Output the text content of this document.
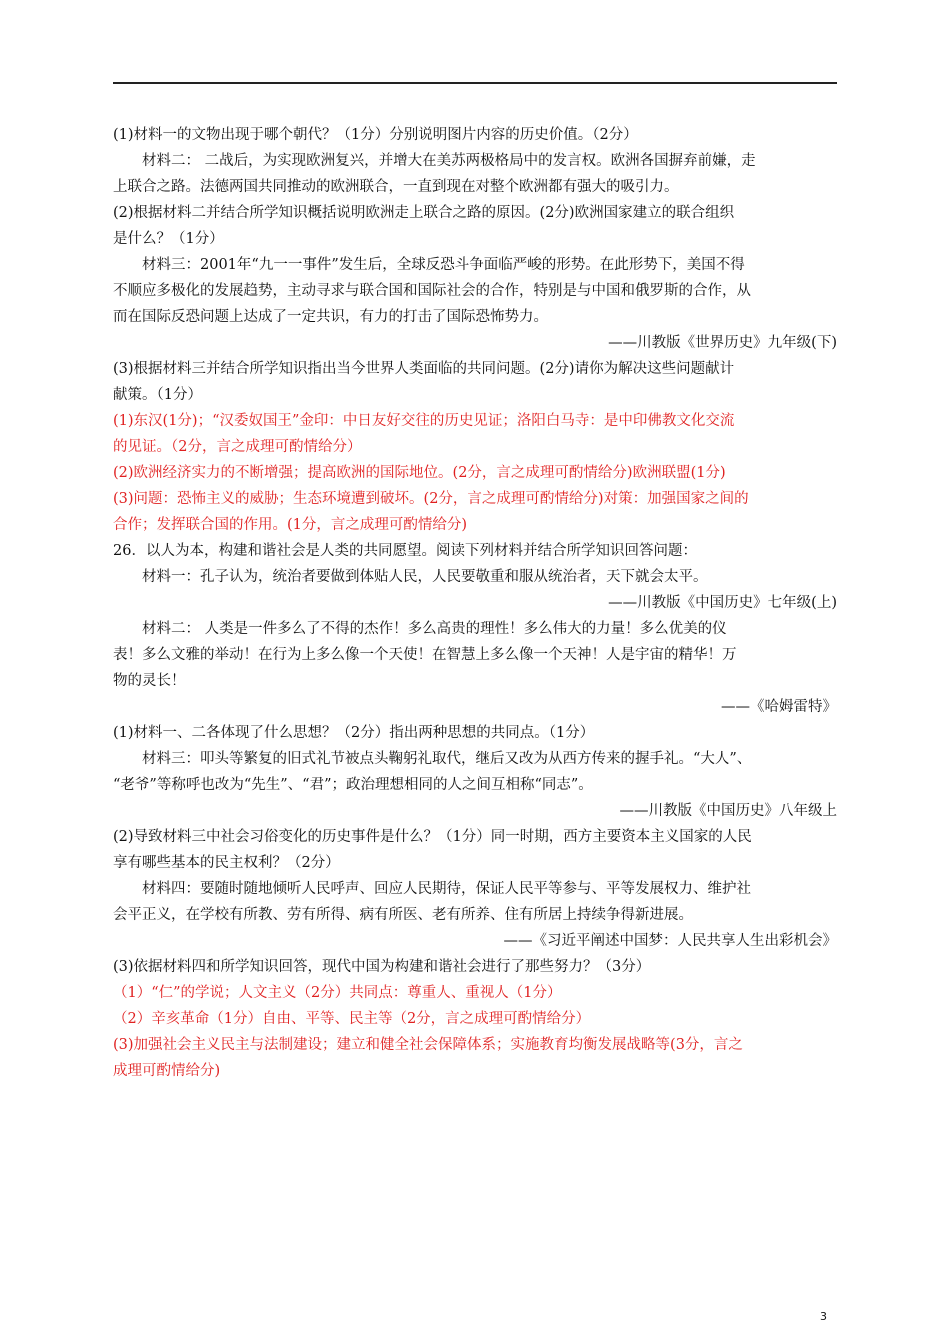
(1)材料一的文物出现于哪个朝代？（1分）分别说明图片内容的历史价值。（2分）
材料二： 二战后，为实现欧洲复兴，并增大在美苏两极格局中的发言权。欧洲各国摒弃前嫌，走
上联合之路。法德两国共同推动的欧洲联合，一直到现在对整个欧洲都有强大的吸引力。
(2)根据材料二并结合所学知识概括说明欧洲走上联合之路的原因。(2分)欧洲国家建立的联合组织
是什么？（1分）
材料三：2001年“九一一事件”发生后，全球反恐斗争面临严峻的形势。在此形势下，美国不得
不顺应多极化的发展趋势，主动寻求与联合国和国际社会的合作，特别是与中国和俄罗斯的合作，从
而在国际反恐问题上达成了一定共识，有力的打击了国际恐怖势力。
——川教版《世界历史》九年级(下)
(3)根据材料三并结合所学知识指出当今世界人类面临的共同问题。(2分)请你为解决这些问题献计
献策。（1分）
(1)东汉(1分)；“汉委奴国王”金印：中日友好交往的历史见证；洛阳白马寺：是中印佛教文化交流
的见证。（2分，言之成理可酌情给分）
(2)欧洲经济实力的不断增强；提高欧洲的国际地位。(2分，言之成理可酌情给分)欧洲联盟(1分)
(3)问题：恐怖主义的威胁；生态环境遭到破坏。(2分，言之成理可酌情给分)对策：加强国家之间的
合作；发挥联合国的作用。(1分，言之成理可酌情给分)
26．以人为本，构建和谐社会是人类的共同愿望。阅读下列材料并结合所学知识回答问题：
材料一：孔子认为，统治者要做到体贴人民，人民要敬重和服从统治者，天下就会太平。
——川教版《中国历史》七年级(上)
材料二： 人类是一件多么了不得的杰作！多么高贵的理性！多么伟大的力量！多么优美的仪
表！多么文雅的举动！在行为上多么像一个天使！在智慧上多么像一个天神！人是宇宙的精华！万
物的灵长！
——《哈姆雷特》
(1)材料一、二各体现了什么思想？（2分）指出两种思想的共同点。（1分）
材料三：叩头等繁复的旧式礼节被点头鞠躬礼取代，继后又改为从西方传来的握手礼。“大人”、
“老爷”等称呼也改为“先生”、“君”；政治理想相同的人之间互相称“同志”。
——川教版《中国历史》八年级上
(2)导致材料三中社会习俗变化的历史事件是什么？（1分）同一时期，西方主要资本主义国家的人民
享有哪些基本的民主权利？（2分）
材料四：要随时随地倾听人民呼声、回应人民期待，保证人民平等参与、平等发展权力、维护社
会平正义，在学校有所教、劳有所得、病有所医、老有所养、住有所居上持续争得新进展。
——《习近平阐述中国梦：人民共享人生出彩机会》
(3)依据材料四和所学知识回答，现代中国为构建和谐社会进行了那些努力？（3分）
（1）“仁”的学说；人文主义（2分）共同点：尊重人、重视人（1分）
（2）辛亥革命（1分）自由、平等、民主等（2分，言之成理可酌情给分）
(3)加强社会主义民主与法制建设；建立和健全社会保障体系；实施教育均衡发展战略等(3分，言之
成理可酌情给分)
3
